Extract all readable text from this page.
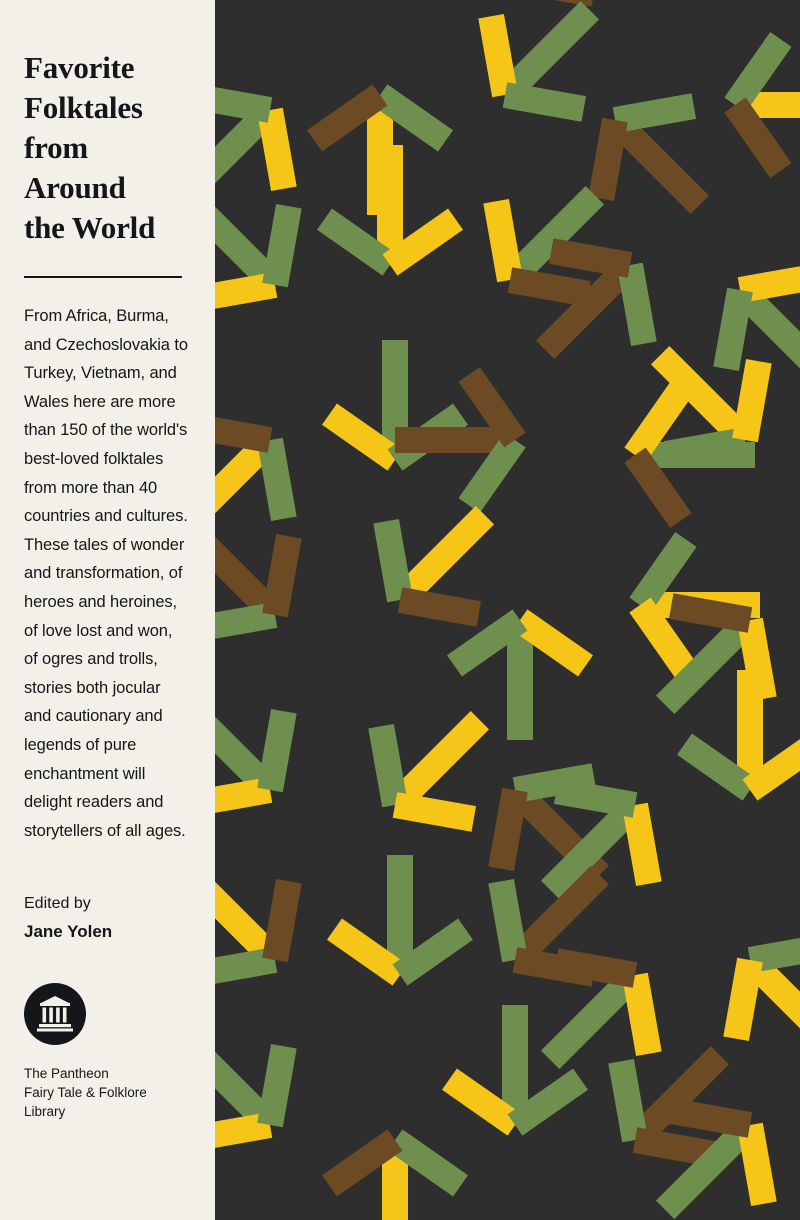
Favorite
Folktales
from
Around
the World

From Africa, Burma, and Czechoslovakia to Turkey, Vietnam, and Wales here are more than 150 of the world's best-loved folktales from more than 40 countries and cultures. These tales of wonder and transformation, of heroes and heroines, of love lost and won, of ogres and trolls, stories both jocular and cautionary and legends of pure enchantment will delight readers and storytellers of all ages.

Edited by
Jane Yolen
The Pantheon
Fairy Tale & Folklore
Library
